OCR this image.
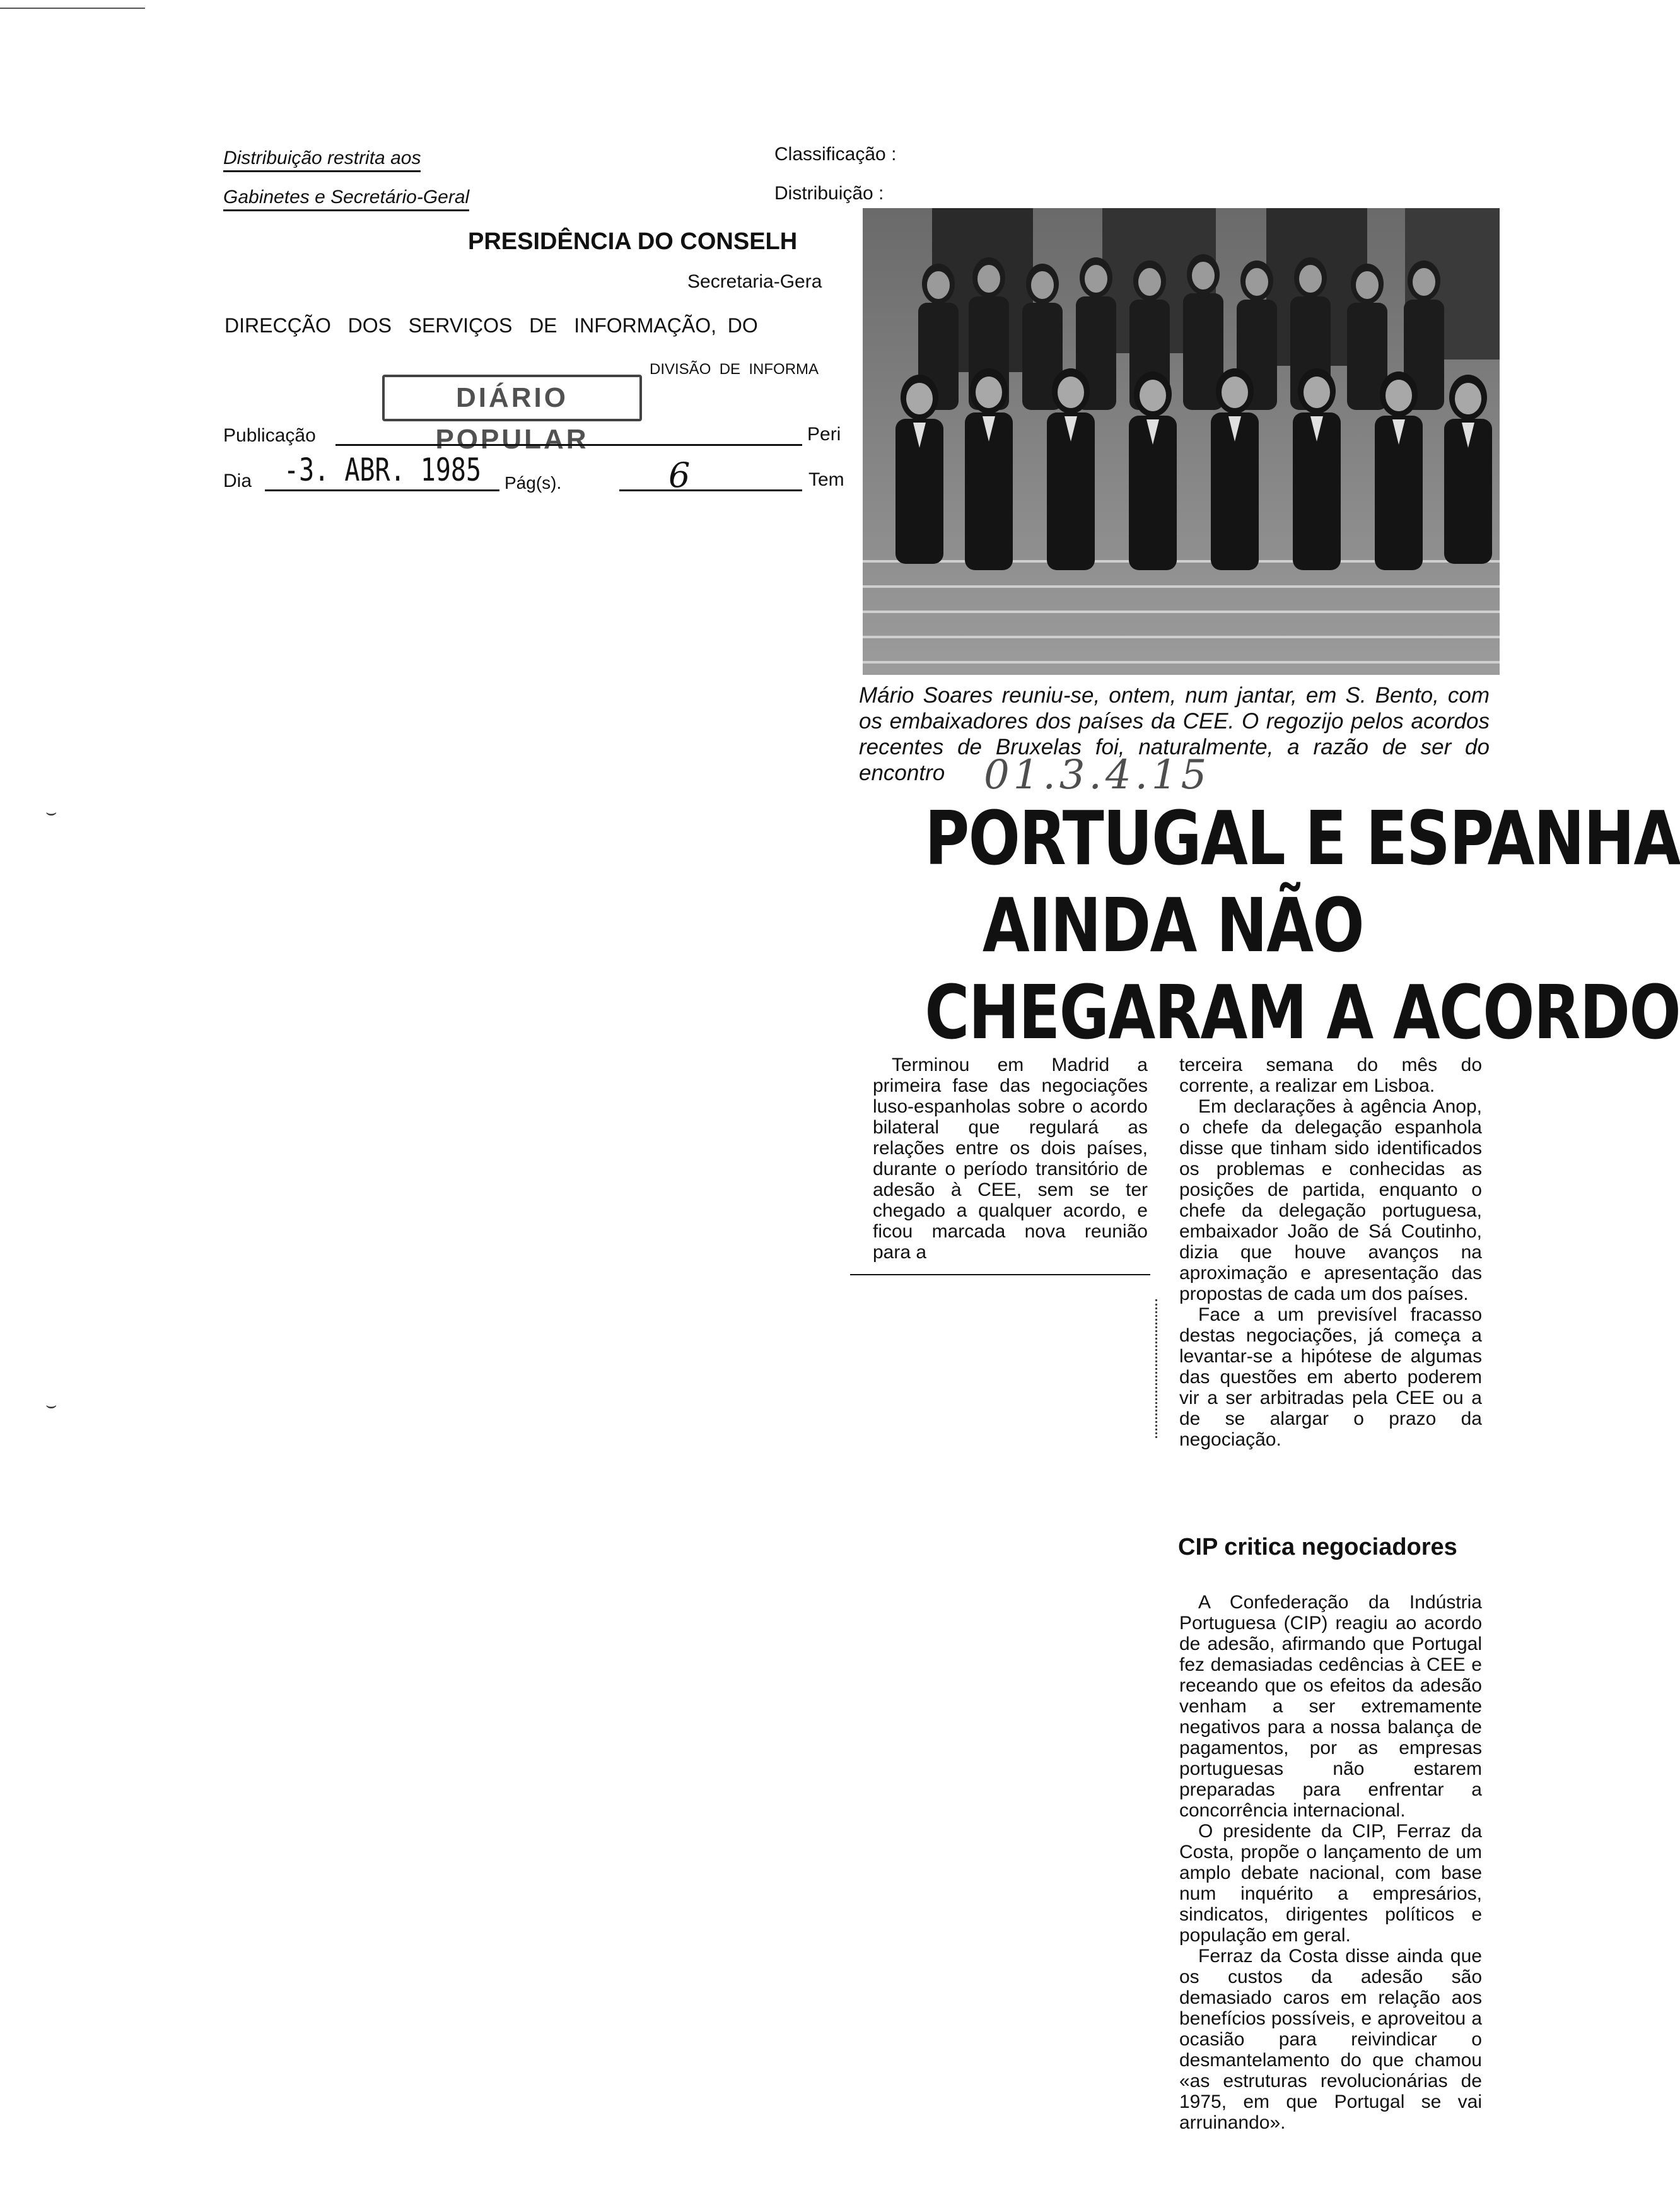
Distribuição restrita aos
Gabinetes e Secretário-Geral
Classificação :
Distribuição :
PRESIDÊNCIA DO CONSELH
Secretaria-Gera
DIRECÇÃO   DOS   SERVIÇOS   DE   INFORMAÇÃO,  DO
DIVISÃO  DE  INFORMA
DIÁRIO POPULAR
Publicação	Peri
Dia -3. ABR. 1985 Pág(s).	6	Tem
Mário Soares reuniu-se, ontem, num jantar, em S. Bento, com os embaixadores dos países da CEE. O regozijo pelos acordos recentes de Bruxelas foi, naturalmente, a razão de ser do encontro 01.3.4.15
PORTUGAL E ESPANHA
AINDA NÃO
CHEGARAM A ACORDO

Terminou em Madrid a primeira fase das negociações luso-espanholas sobre o acordo bilateral que regulará as relações entre os dois países, durante o período transitório de adesão à CEE, sem se ter chegado a qualquer acordo, e ficou marcada nova reunião para a

terceira semana do mês do corrente, a realizar em Lisboa.

Em declarações à agência Anop, o chefe da delegação espanhola disse que tinham sido identificados os problemas e conhecidas as posições de partida, enquanto o chefe da delegação portuguesa, embaixador João de Sá Coutinho, dizia que houve avanços na aproximação e apresentação das propostas de cada um dos países.

Face a um previsível fracasso destas negociações, já começa a levantar-se a hipótese de algumas das questões em aberto poderem vir a ser arbitradas pela CEE ou a de se alargar o prazo da negociação.

CIP critica negociadores

A Confederação da Indústria Portuguesa (CIP) reagiu ao acordo de adesão, afirmando que Portugal fez demasiadas cedências à CEE e receando que os efeitos da adesão venham a ser extremamente negativos para a nossa balança de pagamentos, por as empresas portuguesas não estarem preparadas para enfrentar a concorrência internacional.

O presidente da CIP, Ferraz da Costa, propõe o lançamento de um amplo debate nacional, com base num inquérito a empresários, sindicatos, dirigentes políticos e população em geral.

Ferraz da Costa disse ainda que os custos da adesão são demasiado caros em relação aos benefícios possíveis, e aproveitou a ocasião para reivindicar o desmantelamento do que chamou «as estruturas revolucionárias de 1975, em que Portugal se vai arruinando».

⌣
⌣
